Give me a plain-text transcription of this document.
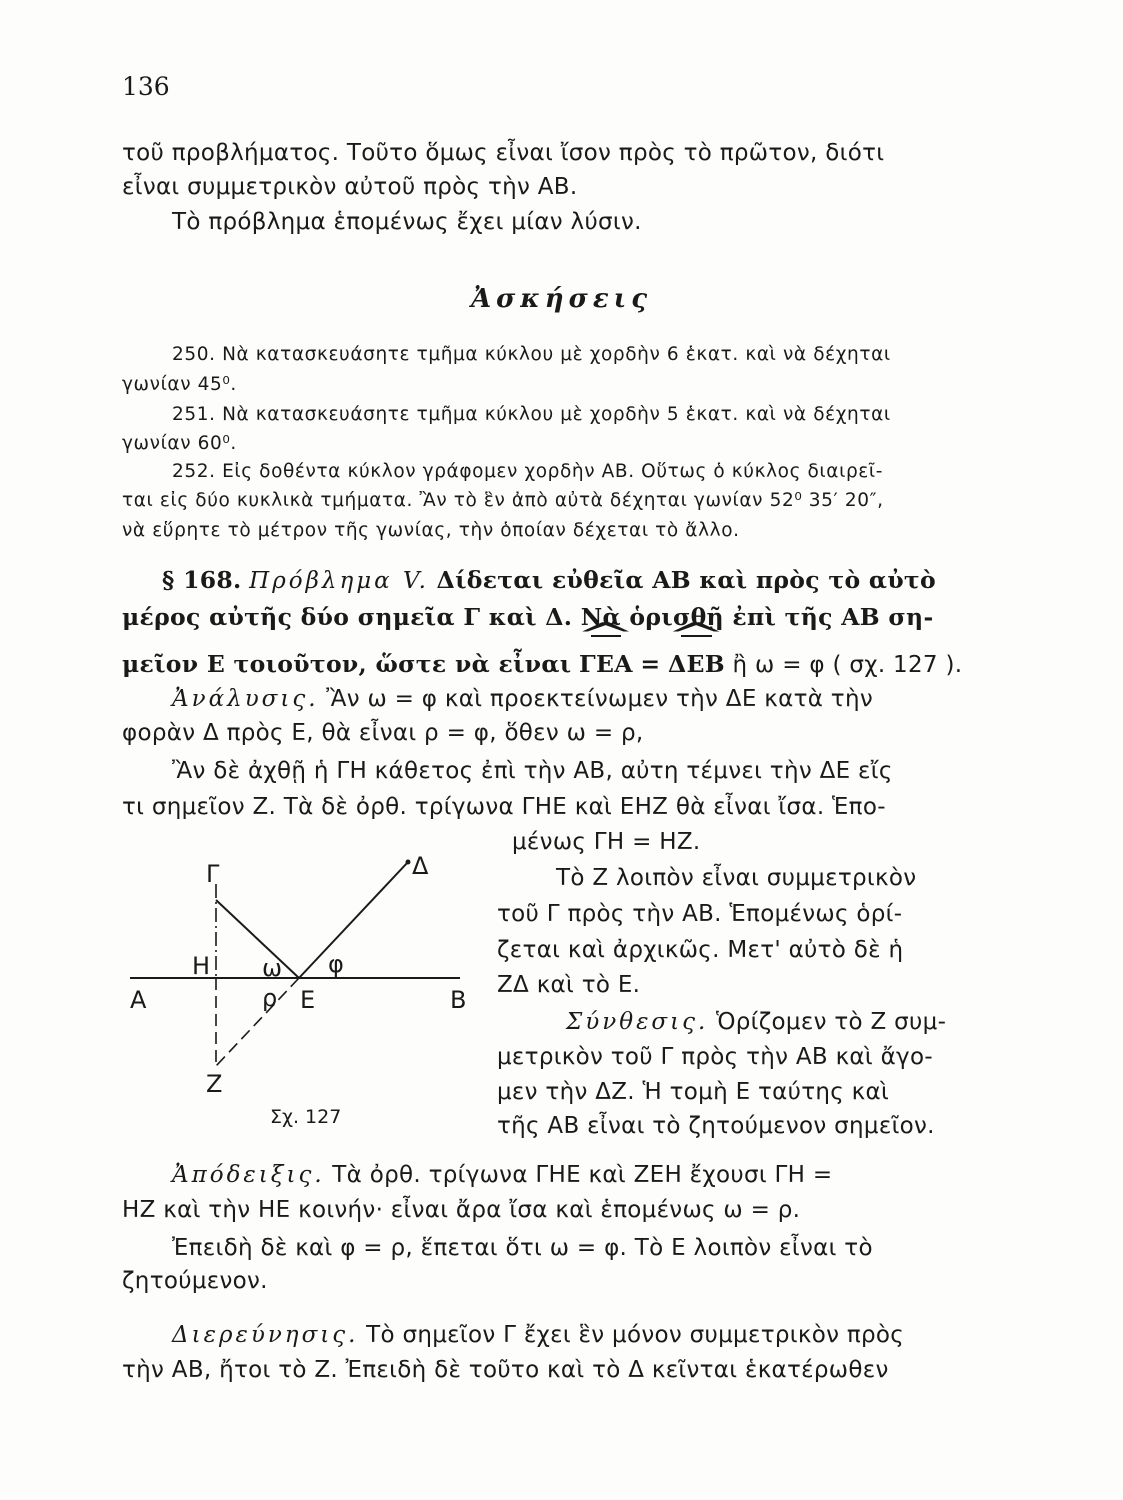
136
τοῦ προβλήματος. Τοῦτο ὅμως εἶναι ἴσον πρὸς τὸ πρῶτον, διότι
εἶναι συμμετρικὸν αὐτοῦ πρὸς τὴν ΑΒ.
Τὸ πρόβλημα ἑπομένως ἔχει μίαν λύσιν.
Ἀσκήσεις
250. Νὰ κατασκευάσητε τμῆμα κύκλου μὲ χορδὴν 6 ἑκατ. καὶ νὰ δέχηται
γωνίαν 45⁰.
251. Νὰ κατασκευάσητε τμῆμα κύκλου μὲ χορδὴν 5 ἑκατ. καὶ νὰ δέχηται
γωνίαν 60⁰.
252. Εἰς δοθέντα κύκλον γράφομεν χορδὴν ΑΒ. Οὕτως ὁ κύκλος διαιρεῖ-
ται εἰς δύο κυκλικὰ τμήματα. Ἂν τὸ ἓν ἀπὸ αὐτὰ δέχηται γωνίαν 52⁰ 35′ 20″,
νὰ εὕρητε τὸ μέτρον τῆς γωνίας, τὴν ὁποίαν δέχεται τὸ ἄλλο.
§ 168. Πρόβλημα V. Δίδεται εὐθεῖα ΑΒ καὶ πρὸς τὸ αὐτὸ
μέρος αὐτῆς δύο σημεῖα Γ καὶ Δ. Νὰ ὁρισθῇ ἐπὶ τῆς ΑΒ ση-
μεῖον Ε τοιοῦτον, ὥστε νὰ εἶναι ΓΕΑ ^ = ΔΕΒ ^ ἢ ω = φ ( σχ. 127 ).
Ἀνάλυσις. Ἂν ω = φ καὶ προεκτείνωμεν τὴν ΔΕ κατὰ τὴν
φορὰν Δ πρὸς Ε, θὰ εἶναι ρ = φ, ὅθεν ω = ρ,
Ἂν δὲ ἀχθῇ ἡ ΓΗ κάθετος ἐπὶ τὴν ΑΒ, αὐτη τέμνει τὴν ΔΕ εἴς
τι σημεῖον Ζ. Τὰ δὲ ὀρθ. τρίγωνα ΓΗΕ καὶ ΕΗΖ θὰ εἶναι ἴσα. Ἑπο-
μένως ΓΗ = ΗΖ.
Τὸ Ζ λοιπὸν εἶναι συμμετρικὸν
τοῦ Γ πρὸς τὴν ΑΒ. Ἑπομένως ὁρί-
ζεται καὶ ἀρχικῶς. Μετ' αὐτὸ δὲ ἡ
ΖΔ καὶ τὸ Ε.
Σύνθεσις. Ὁρίζομεν τὸ Ζ συμ-
μετρικὸν τοῦ Γ πρὸς τὴν ΑΒ καὶ ἄγο-
μεν τὴν ΔΖ. Ἡ τομὴ Ε ταύτης καὶ
τῆς ΑΒ εἶναι τὸ ζητούμενον σημεῖον.
Ἀπόδειξις. Τὰ ὀρθ. τρίγωνα ΓΗΕ καὶ ΖΕΗ ἔχουσι ΓΗ =
ΗΖ καὶ τὴν ΗΕ κοινήν· εἶναι ἄρα ἴσα καὶ ἑπομένως ω = ρ.
Ἐπειδὴ δὲ καὶ φ = ρ, ἕπεται ὅτι ω = φ. Τὸ Ε λοιπὸν εἶναι τὸ
ζητούμενον.
Διερεύνησις. Τὸ σημεῖον Γ ἔχει ἓν μόνον συμμετρικὸν πρὸς
τὴν ΑΒ, ἤτοι τὸ Ζ. Ἐπειδὴ δὲ τοῦτο καὶ τὸ Δ κεῖνται ἑκατέρωθεν
Γ	Δ
Η ω φ
Α	ρ Ε	Β
Ζ
Σχ. 127
